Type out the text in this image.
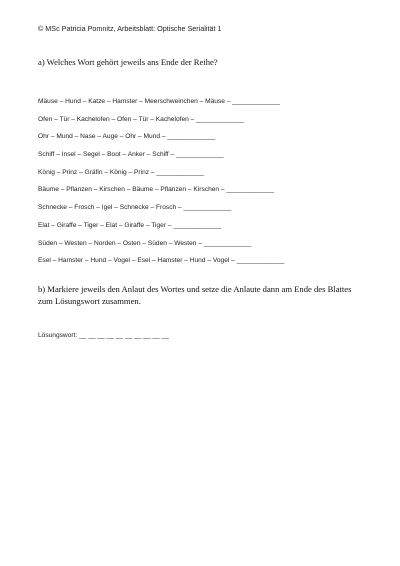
© MSc Patricia Pomnitz, Arbeitsblatt: Optische Serialität 1
a) Welches Wort gehört jeweils ans Ende der Reihe?
Mäuse – Hund – Katze – Hamster – Meerschweinchen – Mäuse – _____________
Ofen – Tür – Kachelofen – Ofen – Tür – Kachelofen – _____________
Ohr – Mund – Nase – Auge – Ohr – Mund – _____________
Schiff – Insel – Segel – Boot – Anker – Schiff – _____________
König – Prinz – Gräfin – König – Prinz – _____________
Bäume – Pflanzen – Kirschen – Bäume – Pflanzen – Kirschen – _____________
Schnecke – Frosch – Igel – Schnecke – Frosch – _____________
Elat – Giraffe – Tiger – Elat – Giraffe – Tiger – _____________
Süden – Westen – Norden – Osten – Süden – Westen – _____________
Esel – Hamster – Hund – Vogel – Esel – Hamster – Hund – Vogel – _____________
b) Markiere jeweils den Anlaut des Wortes und setze die Anlaute dann am Ende des Blattes zum Lösungswort zusammen.
Lösungswort: __ __ __ __ __ __ __ __ __ __
